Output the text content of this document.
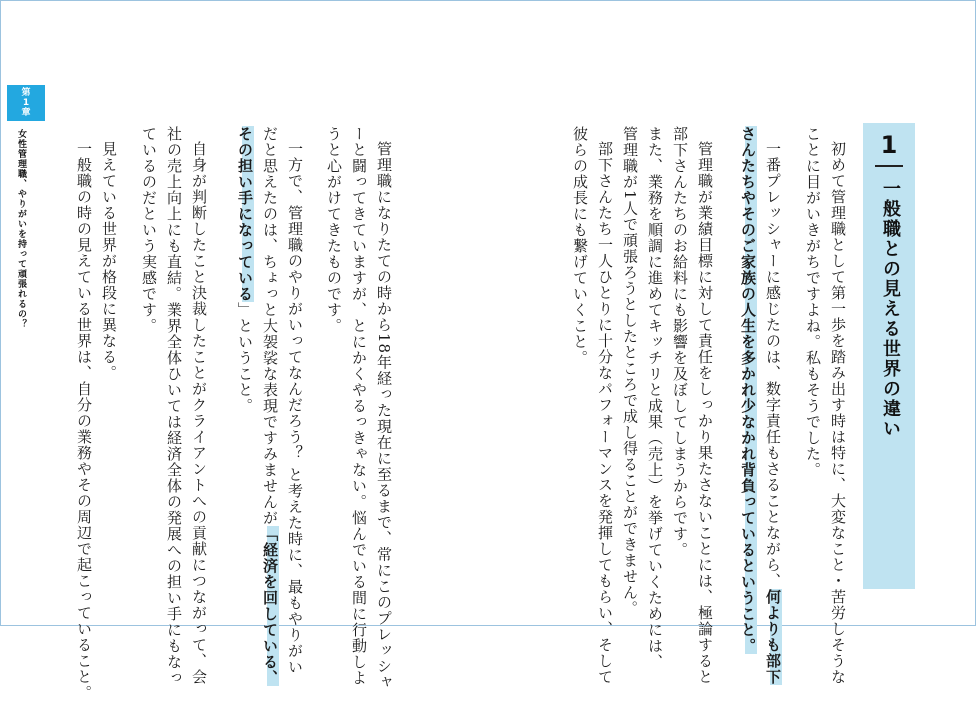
第
1
章
女性管理職、やりがいを持って頑張れるの？	1
一般職との見える世界の違い
初めて管理職として第一歩を踏み出す時は特に、大変なこと・苦労しそうな
ことに目がいきがちですよね。私もそうでした。
一番プレッシャーに感じたのは、数字責任もさることながら、何よりも部下
さんたちやそのご家族の人生を多かれ少なかれ背負っているということ。
管理職が業績目標に対して責任をしっかり果たさないことには、極論すると
部下さんたちのお給料にも影響を及ぼしてしまうからです。
また、業務を順調に進めてキッチリと成果（売上）を挙げていくためには、
管理職が1人で頑張ろうとしたところで成し得ることができません。
部下さんたち一人ひとりに十分なパフォーマンスを発揮してもらい、そして
彼らの成長にも繋げていくこと。
管理職になりたての時から18年経った現在に至るまで、常にこのプレッシャ
ーと闘ってきていますが、とにかくやるっきゃない。悩んでいる間に行動しよ
うと心がけてきたものです。
一方で、管理職のやりがいってなんだろう？ と考えた時に、最もやりがい
だと思えたのは、ちょっと大袈裟な表現ですみませんが「経済を回している、
その担い手になっている」ということ。
自身が判断したこと決裁したことがクライアントへの貢献につながって、会
社の売上向上にも直結。業界全体ひいては経済全体の発展への担い手にもなっ
ているのだという実感です。
見えている世界が格段に異なる。
一般職の時の見えている世界は、自分の業務やその周辺で起こっていること。
